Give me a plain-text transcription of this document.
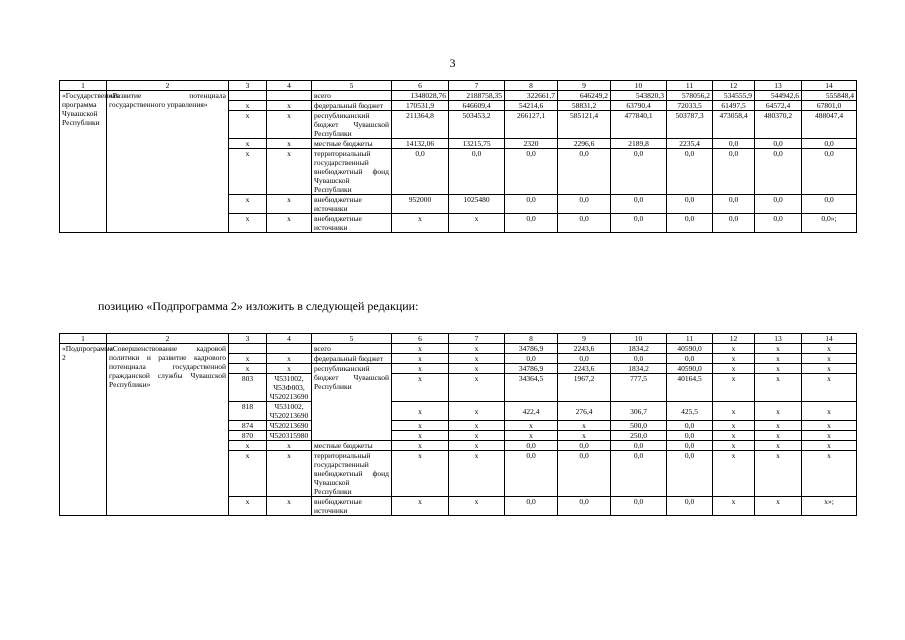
3
1	2	3	4	5	6	7	8	9	10	11	12	13	14
«Государственная программа Чувашской Республики	«Развитие потенциала государственного управления»			всего	1348028,76	2188758,35	322661,7	646249,2	543820,3	578056,2	534555,9	544942,6	555848,4
		x	x	федеральный бюджет	170531,9	646609,4	54214,6	58831,2	63790,4	72033,5	61497,5	64572,4	67801,0
		x	x	республиканский бюджет Чувашской Республики	211364,8	503453,2	266127,1	585121,4	477840,1	503787,3	473058,4	480370,2	488047,4
		x	x	местные бюджеты	14132,06	13215,75	2320	2296,6	2189,8	2235,4	0,0	0,0	0,0
		x	x	территориальный государственный внебюджетный фонд Чувашской Республики	0,0	0,0	0,0	0,0	0,0	0,0	0,0	0,0	0,0
		x	x	внебюджетные источники	952000	1025480	0,0	0,0	0,0	0,0	0,0	0,0	0,0
		x	x	внебюджетные источники	x	x	0,0	0,0	0,0	0,0	0,0	0,0	0,0»;
позицию «Подпрограмма 2» изложить в следующей редакции:
1	2	3	4	5	6	7	8	9	10	11	12	13	14
«Подпрограмма 2	«Совершенствование кадровой политики и развитие кадрового потенциала государственной гражданской службы Чувашской Республики»			всего	x	x	34786,9	2243,6	1834,2	40590,0	x	x	x
		x	x	федеральный бюджет	x	x	0,0	0,0	0,0	0,0	x	x	x
		x	x	республиканский бюджет Чувашской Республики	x	x	34786,9	2243,6	1834,2	40590,0	x	x	x
		803	Ч531002, Ч53Ф003, Ч520213690		x	x	34364,5	1967,2	777,5	40164,5	x	x	x
		818	Ч531002, Ч520213690		x	x	422,4	276,4	306,7	425,5	x	x	x
		874	Ч520213690		x	x	x	x	500,0	0,0	x	x	x
		870	Ч520315980		x	x	x	x	250,0	0,0	x	x	x
		x	x	местные бюджеты	x	x	0,0	0,0	0,0	0,0	x	x	x
		x	x	территориальный государственный внебюджетный фонд Чувашской Республики	x	x	0,0	0,0	0,0	0,0	x	x	x
		x	x	внебюджетные источники	x	x	0,0	0,0	0,0	0,0	x	x	x»;
